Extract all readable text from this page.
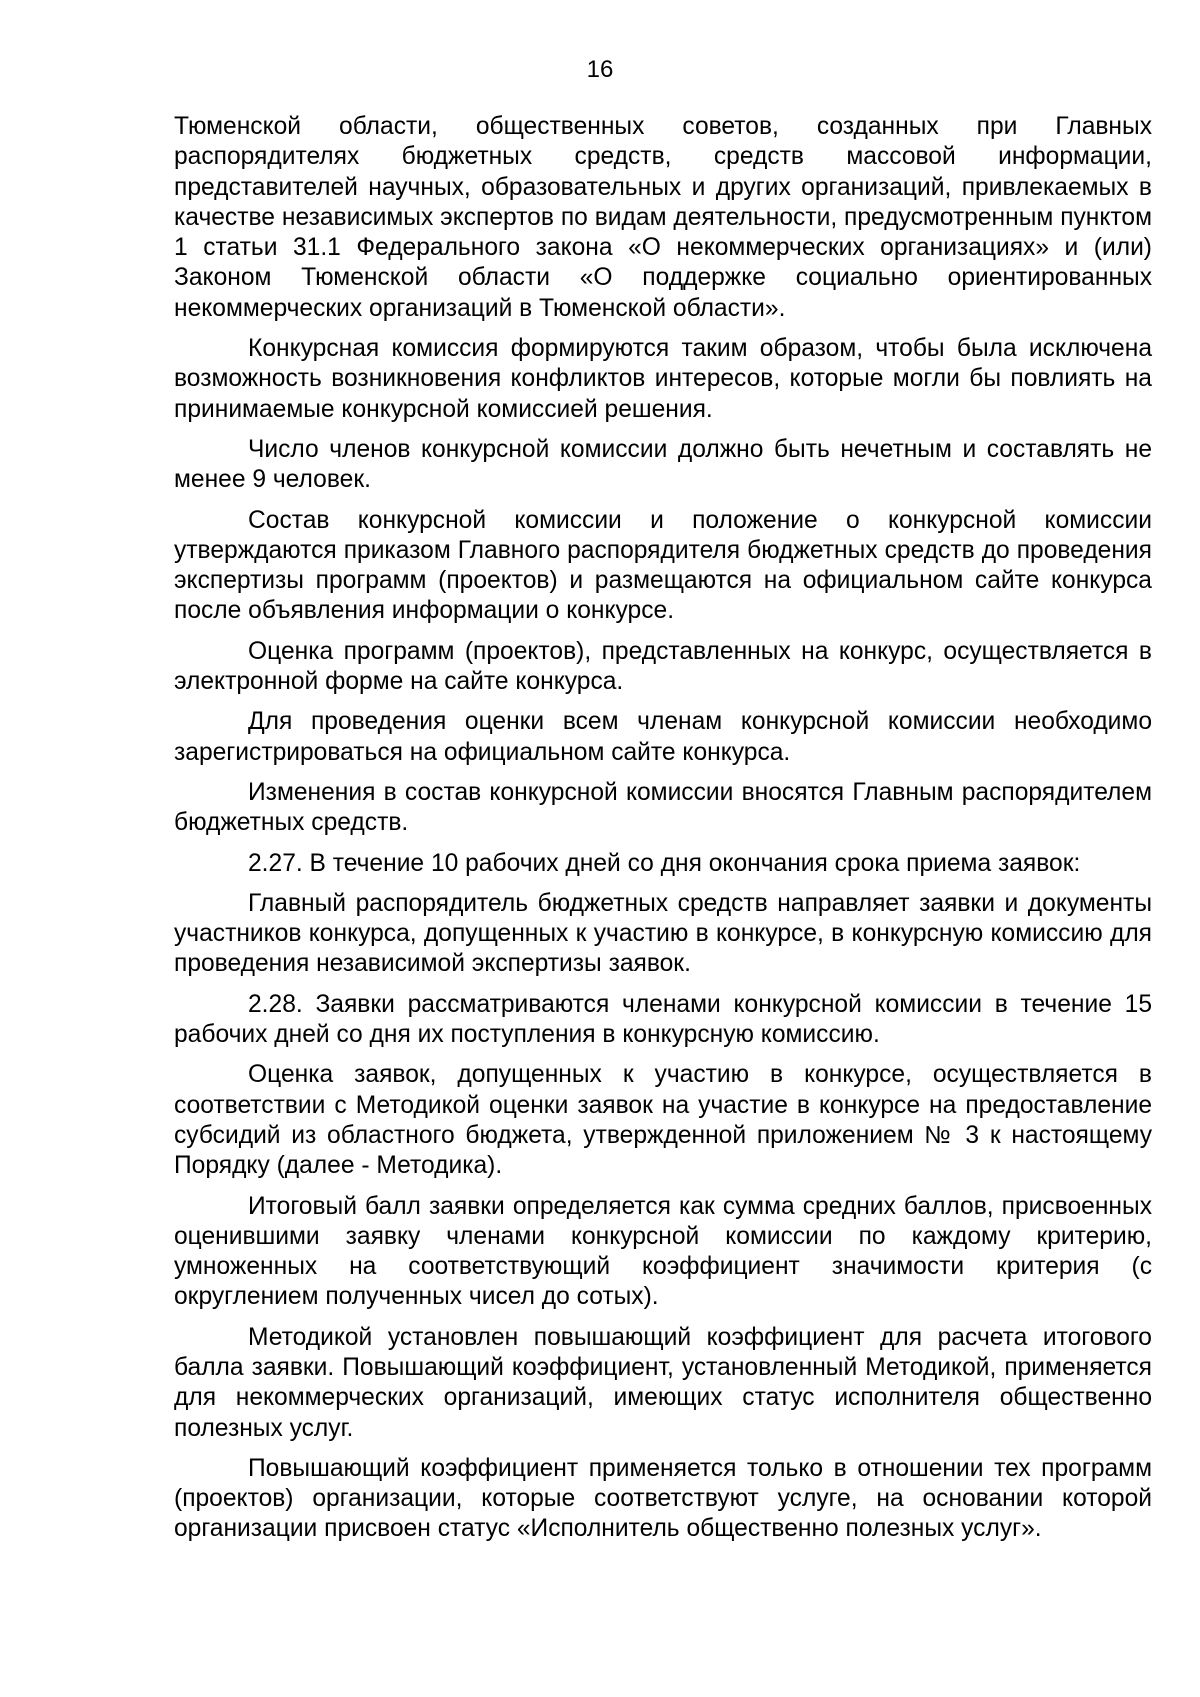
16

Тюменской области, общественных советов, созданных при Главных распорядителях бюджетных средств, средств массовой информации, представителей научных, образовательных и других организаций, привлекаемых в качестве независимых экспертов по видам деятельности, предусмотренным пунктом 1 статьи 31.1 Федерального закона «О некоммерческих организациях» и (или) Законом Тюменской области «О поддержке социально ориентированных некоммерческих организаций в Тюменской области».

Конкурсная комиссия формируются таким образом, чтобы была исключена возможность возникновения конфликтов интересов, которые могли бы повлиять на принимаемые конкурсной комиссией решения.

Число членов конкурсной комиссии должно быть нечетным и составлять не менее 9 человек.

Состав конкурсной комиссии и положение о конкурсной комиссии утверждаются приказом Главного распорядителя бюджетных средств до проведения экспертизы программ (проектов) и размещаются на официальном сайте конкурса после объявления информации о конкурсе.

Оценка программ (проектов), представленных на конкурс, осуществляется в электронной форме на сайте конкурса.

Для проведения оценки всем членам конкурсной комиссии необходимо зарегистрироваться на официальном сайте конкурса.

Изменения в состав конкурсной комиссии вносятся Главным распорядителем бюджетных средств.

2.27. В течение 10 рабочих дней со дня окончания срока приема заявок:

Главный распорядитель бюджетных средств направляет заявки и документы участников конкурса, допущенных к участию в конкурсе, в конкурсную комиссию для проведения независимой экспертизы заявок.

2.28. Заявки рассматриваются членами конкурсной комиссии в течение 15 рабочих дней со дня их поступления в конкурсную комиссию.

Оценка заявок, допущенных к участию в конкурсе, осуществляется в соответствии с Методикой оценки заявок на участие в конкурсе на предоставление субсидий из областного бюджета, утвержденной приложением № 3 к настоящему Порядку (далее - Методика).

Итоговый балл заявки определяется как сумма средних баллов, присвоенных оценившими заявку членами конкурсной комиссии по каждому критерию, умноженных на соответствующий коэффициент значимости критерия (с округлением полученных чисел до сотых).

Методикой установлен повышающий коэффициент для расчета итогового балла заявки. Повышающий коэффициент, установленный Методикой, применяется для некоммерческих организаций, имеющих статус исполнителя общественно полезных услуг.

Повышающий коэффициент применяется только в отношении тех программ (проектов) организации, которые соответствуют услуге, на основании которой организации присвоен статус «Исполнитель общественно полезных услуг».
